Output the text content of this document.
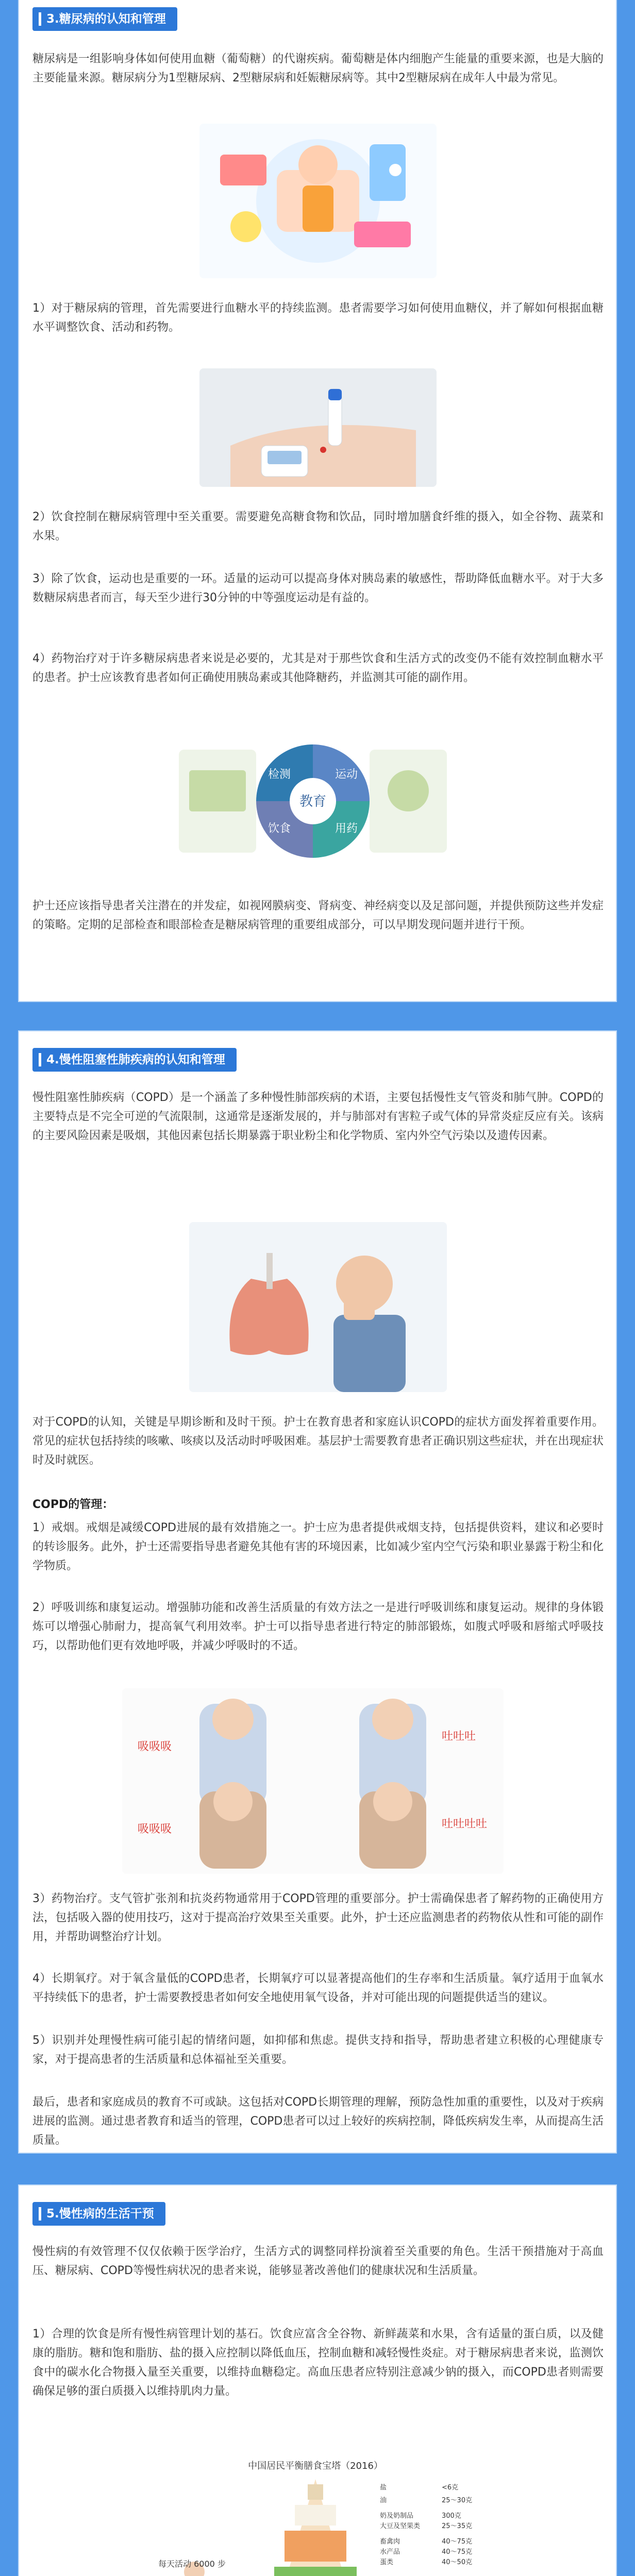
3.糖尿病的认知和管理

糖尿病是一组影响身体如何使用血糖（葡萄糖）的代谢疾病。葡萄糖是体内细胞产生能量的重要来源，也是大脑的主要能量来源。糖尿病分为1型糖尿病、2型糖尿病和妊娠糖尿病等。其中2型糖尿病在成年人中最为常见。

1）对于糖尿病的管理，首先需要进行血糖水平的持续监测。患者需要学习如何使用血糖仪，并了解如何根据血糖水平调整饮食、活动和药物。

2）饮食控制在糖尿病管理中至关重要。需要避免高糖食物和饮品，同时增加膳食纤维的摄入，如全谷物、蔬菜和水果。

3）除了饮食，运动也是重要的一环。适量的运动可以提高身体对胰岛素的敏感性，帮助降低血糖水平。对于大多数糖尿病患者而言，每天至少进行30分钟的中等强度运动是有益的。

4）药物治疗对于许多糖尿病患者来说是必要的，尤其是对于那些饮食和生活方式的改变仍不能有效控制血糖水平的患者。护士应该教育患者如何正确使用胰岛素或其他降糖药，并监测其可能的副作用。

教育
检测	运动
用药
饮食

护士还应该指导患者关注潜在的并发症，如视网膜病变、肾病变、神经病变以及足部问题，并提供预防这些并发症的策略。定期的足部检查和眼部检查是糖尿病管理的重要组成部分，可以早期发现问题并进行干预。

4.慢性阻塞性肺疾病的认知和管理

慢性阻塞性肺疾病（COPD）是一个涵盖了多种慢性肺部疾病的术语，主要包括慢性支气管炎和肺气肿。COPD的主要特点是不完全可逆的气流限制，这通常是逐渐发展的，并与肺部对有害粒子或气体的异常炎症反应有关。该病的主要风险因素是吸烟，其他因素包括长期暴露于职业粉尘和化学物质、室内外空气污染以及遗传因素。

对于COPD的认知，关键是早期诊断和及时干预。护士在教育患者和家庭认识COPD的症状方面发挥着重要作用。常见的症状包括持续的咳嗽、咳痰以及活动时呼吸困难。基层护士需要教育患者正确识别这些症状，并在出现症状时及时就医。

COPD的管理：

1）戒烟。戒烟是减缓COPD进展的最有效措施之一。护士应为患者提供戒烟支持，包括提供资料，建议和必要时的转诊服务。此外，护士还需要指导患者避免其他有害的环境因素，比如减少室内空气污染和职业暴露于粉尘和化学物质。

2）呼吸训练和康复运动。增强肺功能和改善生活质量的有效方法之一是进行呼吸训练和康复运动。规律的身体锻炼可以增强心肺耐力，提高氧气利用效率。护士可以指导患者进行特定的肺部锻炼，如腹式呼吸和唇缩式呼吸技巧，以帮助他们更有效地呼吸，并减少呼吸时的不适。

吸吸吸
吐吐吐
吸吸吸	吐吐吐吐

3）药物治疗。支气管扩张剂和抗炎药物通常用于COPD管理的重要部分。护士需确保患者了解药物的正确使用方法，包括吸入器的使用技巧，这对于提高治疗效果至关重要。此外，护士还应监测患者的药物依从性和可能的副作用，并帮助调整治疗计划。

4）长期氧疗。对于氧含量低的COPD患者，长期氧疗可以显著提高他们的生存率和生活质量。氧疗适用于血氧水平持续低下的患者，护士需要教授患者如何安全地使用氧气设备，并对可能出现的问题提供适当的建议。

5）识别并处理慢性病可能引起的情绪问题，如抑郁和焦虑。提供支持和指导，帮助患者建立积极的心理健康专家，对于提高患者的生活质量和总体福祉至关重要。

最后，患者和家庭成员的教育不可或缺。这包括对COPD长期管理的理解，预防急性加重的重要性，以及对于疾病进展的监测。通过患者教育和适当的管理，COPD患者可以过上较好的疾病控制，降低疾病发生率，从而提高生活质量。

5.慢性病的生活干预

慢性病的有效管理不仅仅依赖于医学治疗，生活方式的调整同样扮演着至关重要的角色。生活干预措施对于高血压、糖尿病、COPD等慢性病状况的患者来说，能够显著改善他们的健康状况和生活质量。

1）合理的饮食是所有慢性病管理计划的基石。饮食应富含全谷物、新鲜蔬菜和水果，含有适量的蛋白质，以及健康的脂肪。糖和饱和脂肪、盐的摄入应控制以降低血压，控制血糖和减轻慢性炎症。对于糖尿病患者来说，监测饮食中的碳水化合物摄入量至关重要，以维持血糖稳定。高血压患者应特别注意减少钠的摄入，而COPD患者则需要确保足够的蛋白质摄入以维持肌肉力量。

中国居民平衡膳食宝塔（2016）
每天活动 6000 步
盐	<6克
油	25～30克
奶及奶制品	300克
大豆及坚果类	25～35克
畜禽肉	40～75克
水产品	40～75克
蛋类	40～50克
